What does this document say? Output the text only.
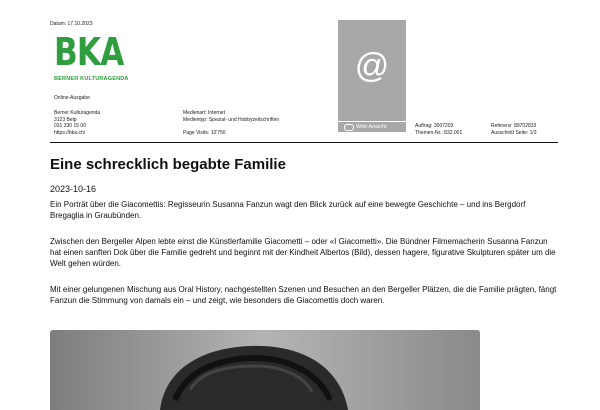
Datum: 17.10.2023
BKA
BERNER KULTURAGENDA
Online-Ausgabe
Berner Kulturagenda
3123 Belp
031 330 15 00
https://bka.ch/
Medienart: Internet
Medientyp: Spezial- und Hobbyzeitschriften
Page Visits: 10'750
@
Web Ansicht	Auftrag: 3007203
Themen-Nr.: 832.001
Referenz: 89702833
Ausschnitt Seite: 1/3
Eine schrecklich begabte Familie
2023-10-16
Ein Porträt über die Giacomettis: Regisseurin Susanna Fanzun wagt den Blick zurück auf eine bewegte Geschichte – und ins Bergdorf Bregaglia in Graubünden.
Zwischen den Bergeller Alpen lebte einst die Künstlerfamilie Giacometti – oder «I Giacometti». Die Bündner Filmemacherin Susanna Fanzun hat einen sanften Dok über die Familie gedreht und beginnt mit der Kindheit Albertos (Bild), dessen hagere, figurative Skulpturen später um die Welt gehen würden.
Mit einer gelungenen Mischung aus Oral History, nachgestellten Szenen und Besuchen an den Bergeller Plätzen, die die Familie prägten, fängt Fanzun die Stimmung von damals ein – und zeigt, wie besonders die Giacomettis doch waren.
